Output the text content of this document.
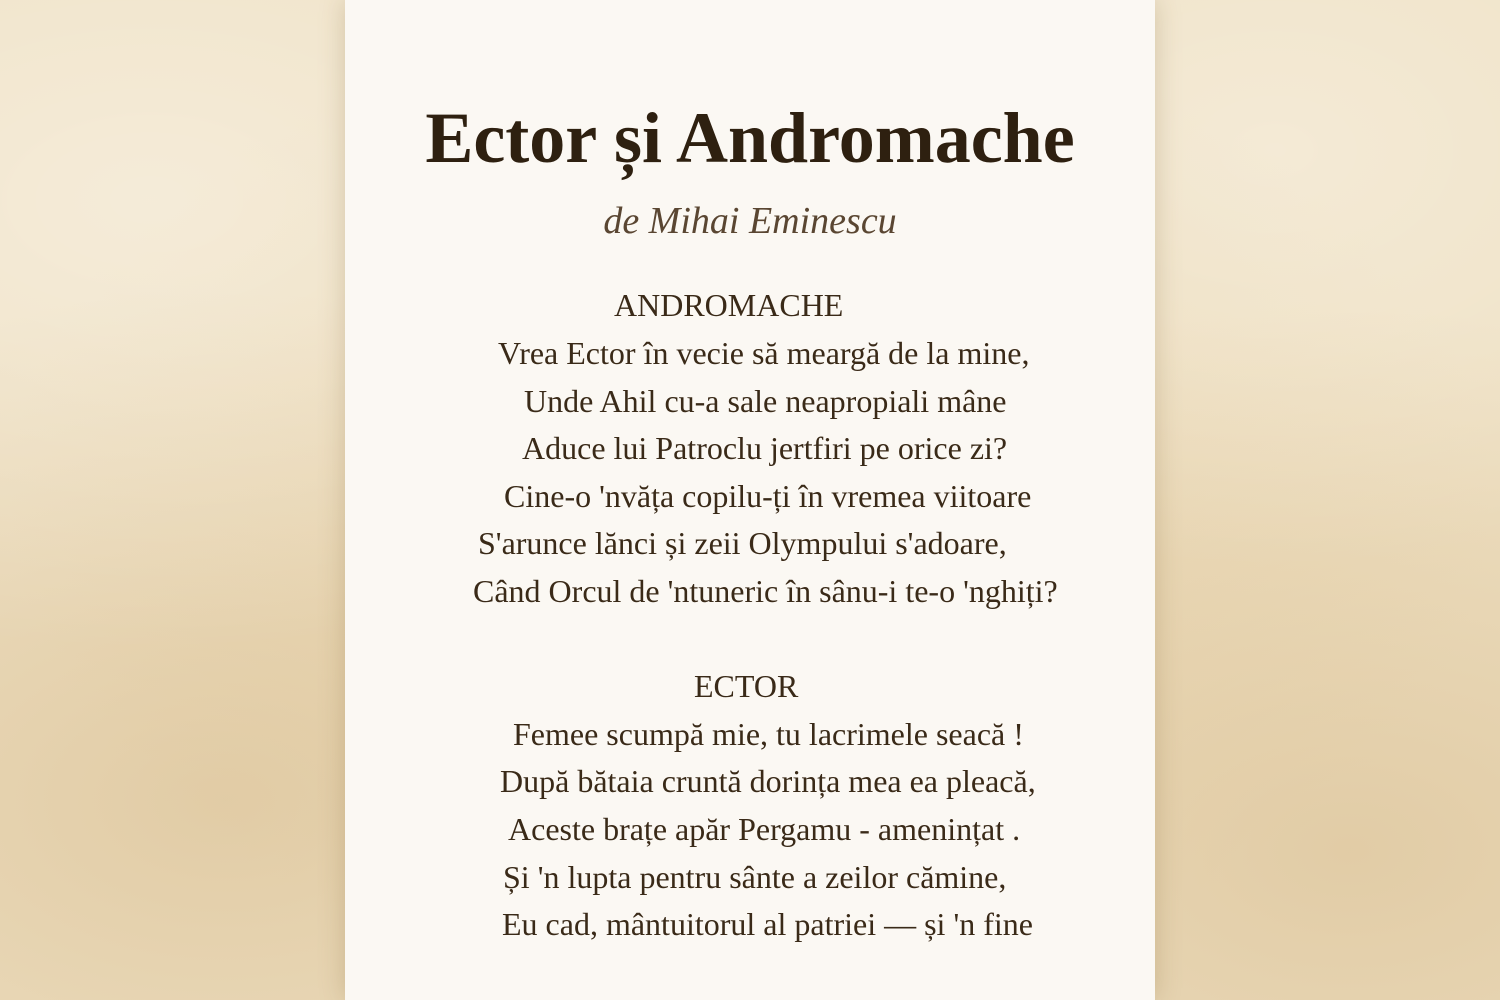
Ector și Andromache
de Mihai Eminescu
ANDROMACHE
Vrea Ector în vecie să meargă de la mine,
Unde Ahil cu-a sale neapropiali mâne
Aduce lui Patroclu jertfiri pe orice zi?
Cine-o 'nvăța copilu-ți în vremea viitoare
S'arunce lănci și zeii Olympului s'adoare,
Când Orcul de 'ntuneric în sânu-i te-o 'nghiți?
ECTOR
Femee scumpă mie, tu lacrimele seacă !
După bătaia cruntă dorința mea ea pleacă,
Aceste brațe apăr Pergamu - amenințat .
Și 'n lupta pentru sânte a zeilor cămine,
Eu cad, mântuitorul al patriei — și 'n fine
